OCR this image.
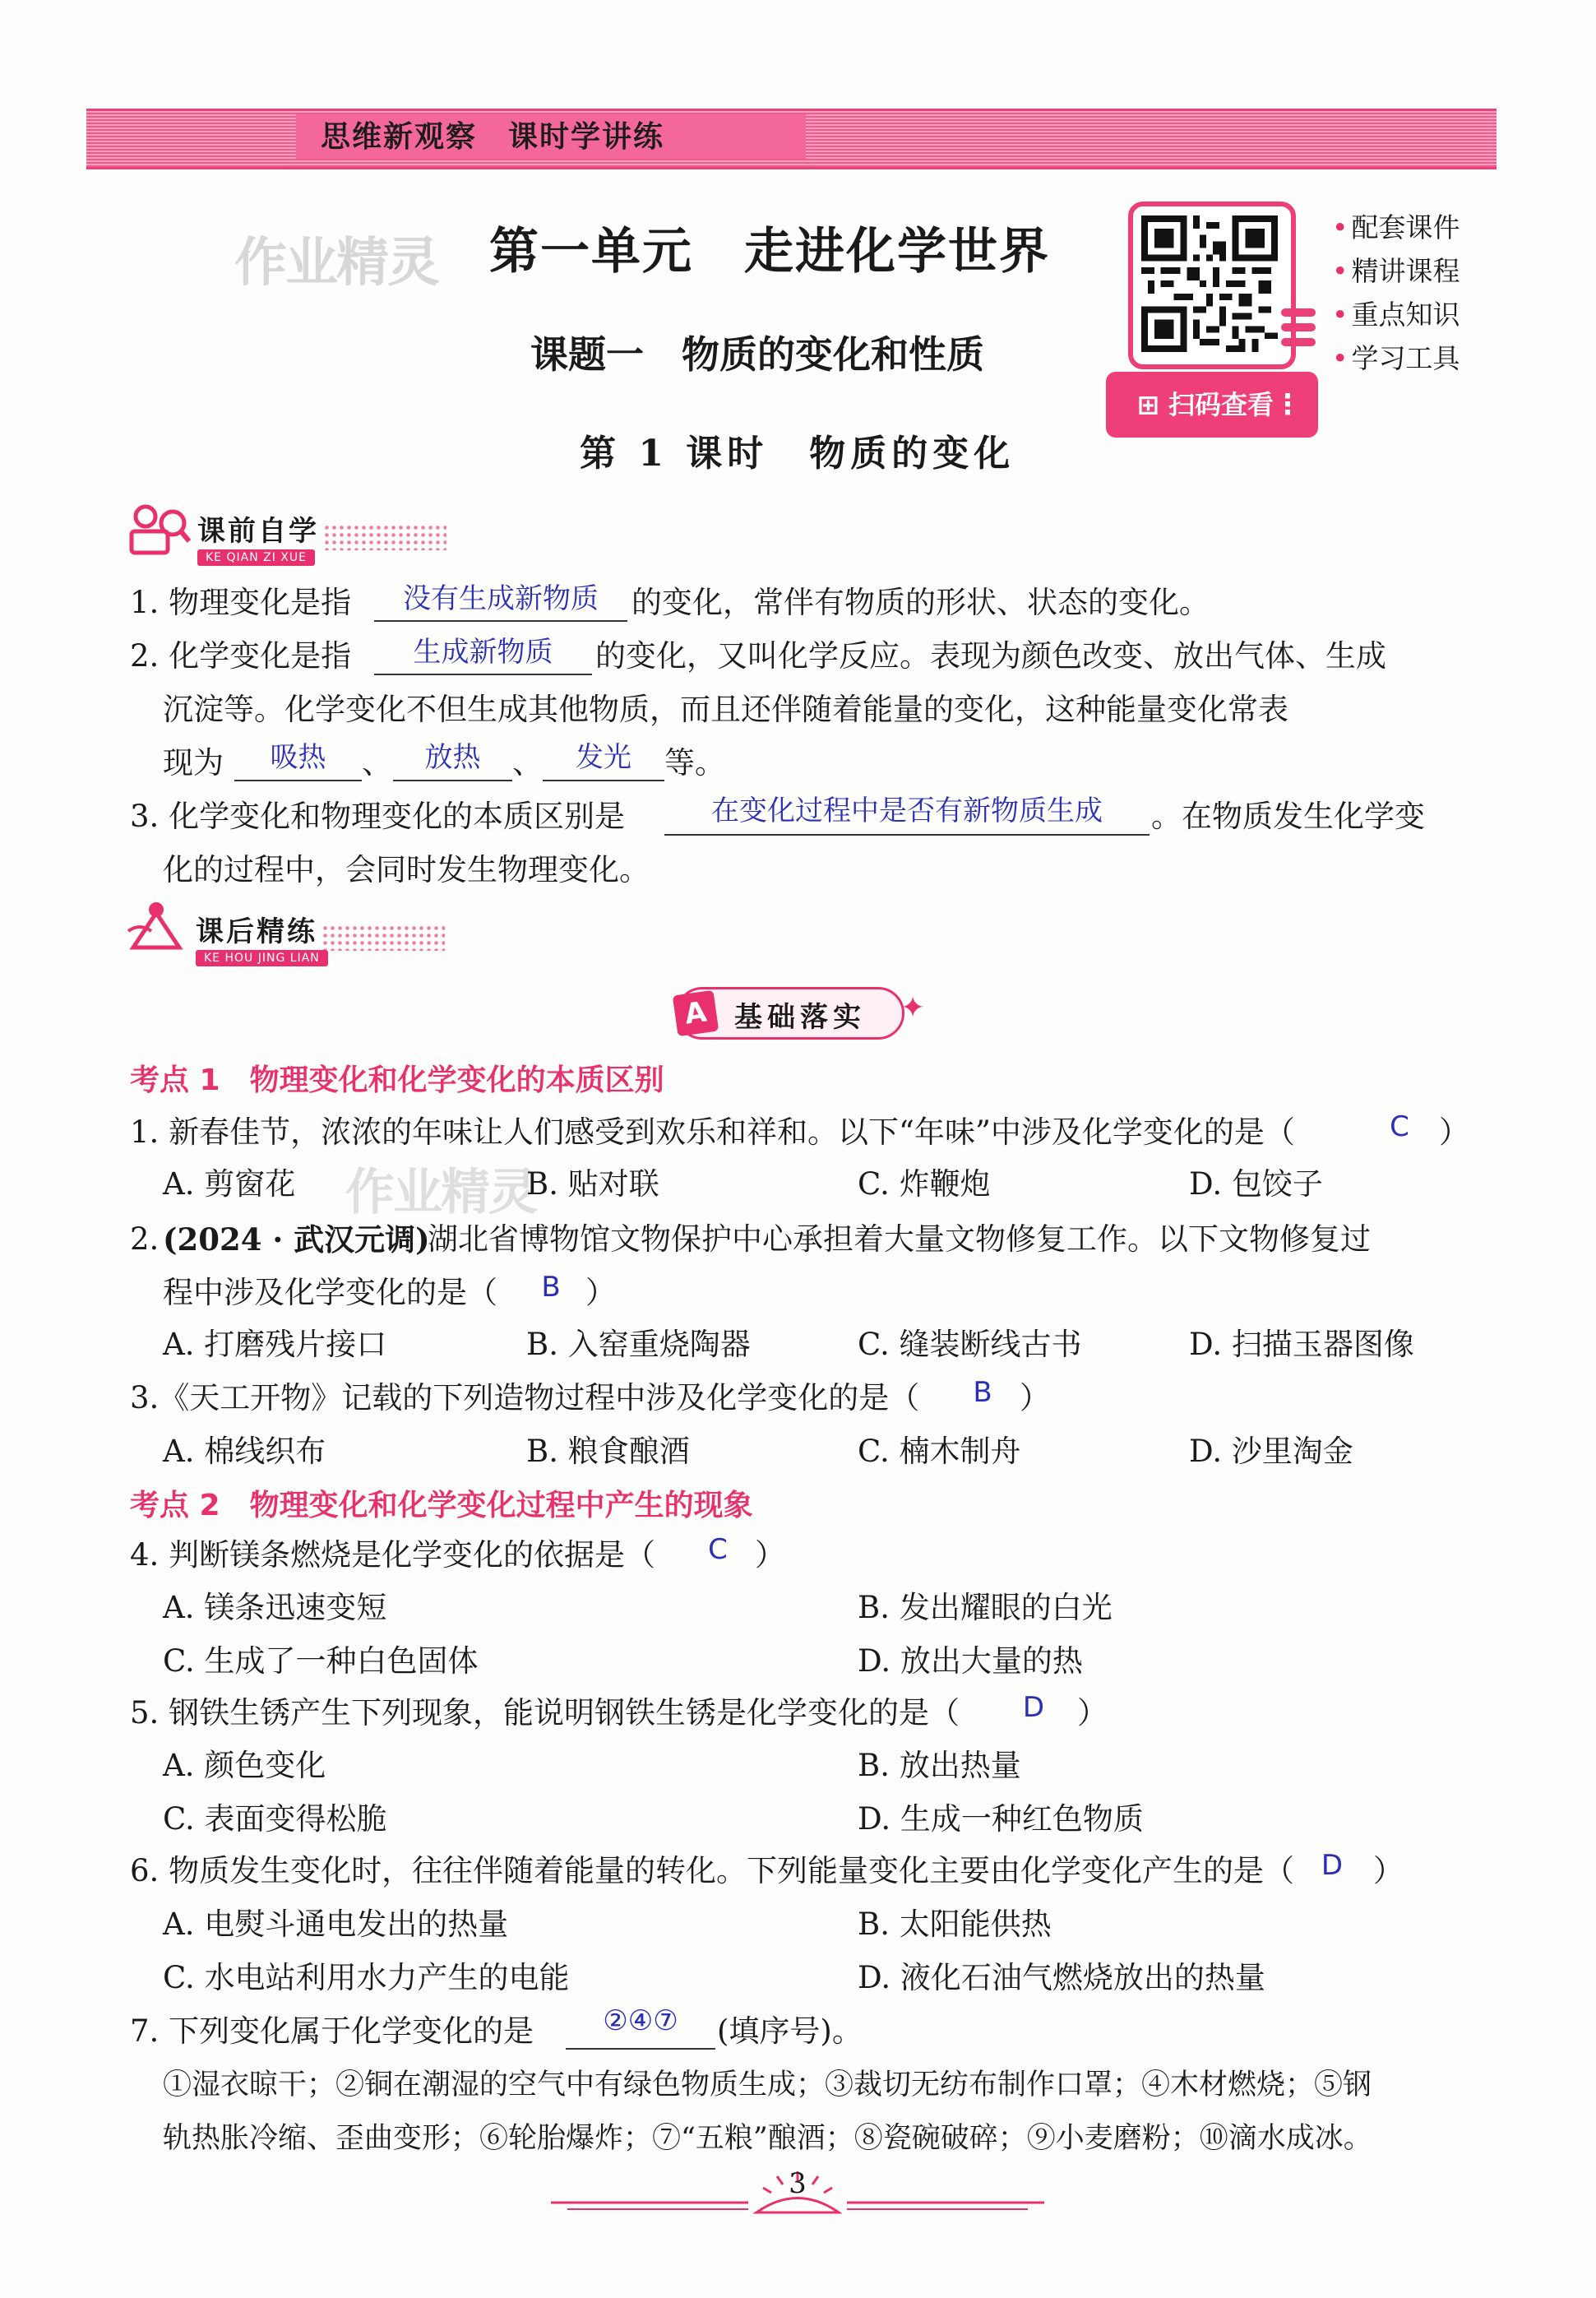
思维新观察　课时学讲练
作业精灵
作业精灵
第一单元　走进化学世界
课题一　物质的变化和性质
第 1 课时　物质的变化
⊞ 扫码查看 ⋮
• 配套课件
• 精讲课程
• 重点知识
• 学习工具
课前自学
KE QIAN ZI XUE
1. 物理变化是指	没有生成新物质	的变化，常伴有物质的形状、状态的变化。
2. 化学变化是指	生成新物质	的变化，又叫化学反应。表现为颜色改变、放出气体、生成
沉淀等。化学变化不但生成其他物质，而且还伴随着能量的变化，这种能量变化常表
现为	吸热	、	放热	、	发光	等。
3. 化学变化和物理变化的本质区别是	在变化过程中是否有新物质生成	。在物质发生化学变
化的过程中，会同时发生物理变化。
课后精练
KE HOU JING LIAN
A 基础落实 ✦
考点 1　物理变化和化学变化的本质区别
1. 新春佳节，浓浓的年味让人们感受到欢乐和祥和。以下“年味”中涉及化学变化的是（	C ）
A. 剪窗花	B. 贴对联	C. 炸鞭炮	D. 包饺子
2. (2024 · 武汉元调)
湖北省博物馆文物保护中心承担着大量文物修复工作。以下文物修复过
程中涉及化学变化的是（	B ）
A. 打磨残片接口	B. 入窑重烧陶器	C. 缝装断线古书	D. 扫描玉器图像
3.《天工开物》记载的下列造物过程中涉及化学变化的是（	B ）
A. 棉线织布	B. 粮食酿酒	C. 楠木制舟	D. 沙里淘金
考点 2　物理变化和化学变化过程中产生的现象
4. 判断镁条燃烧是化学变化的依据是（	C ）
A. 镁条迅速变短	B. 发出耀眼的白光
C. 生成了一种白色固体	D. 放出大量的热
5. 钢铁生锈产生下列现象，能说明钢铁生锈是化学变化的是（	D	）
A. 颜色变化	B. 放出热量
C. 表面变得松脆	D. 生成一种红色物质
6. 物质发生变化时，往往伴随着能量的转化。下列能量变化主要由化学变化产生的是（ D ）
A. 电熨斗通电发出的热量	B. 太阳能供热
C. 水电站利用水力产生的电能	D. 液化石油气燃烧放出的热量
7. 下列变化属于化学变化的是	②④⑦	(填序号)。
①湿衣晾干；②铜在潮湿的空气中有绿色物质生成；③裁切无纺布制作口罩；④木材燃烧；⑤钢
轨热胀冷缩、歪曲变形；⑥轮胎爆炸；⑦“五粮”酿酒；⑧瓷碗破碎；⑨小麦磨粉；⑩滴水成冰。
3
